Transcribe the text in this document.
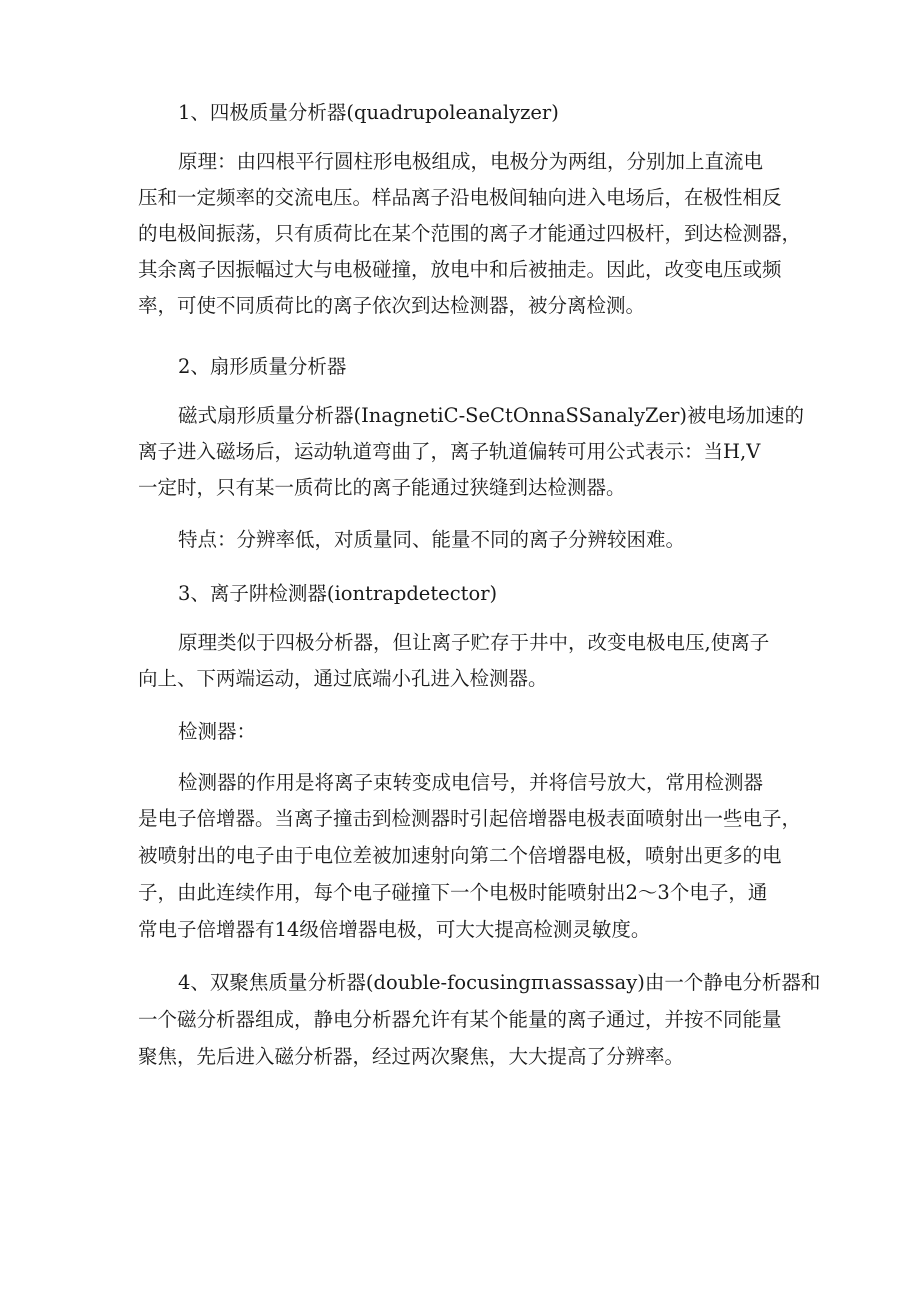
1、四极质量分析器(quadrupoleanalyzer)
原理：由四根平行圆柱形电极组成，电极分为两组，分别加上直流电
压和一定频率的交流电压。样品离子沿电极间轴向进入电场后，在极性相反
的电极间振荡，只有质荷比在某个范围的离子才能通过四极杆，到达检测器，
其余离子因振幅过大与电极碰撞，放电中和后被抽走。因此，改变电压或频
率，可使不同质荷比的离子依次到达检测器，被分离检测。
2、扇形质量分析器
磁式扇形质量分析器(InagnetiC-SeCtOnnaSSanalyZer)被电场加速的
离子进入磁场后，运动轨道弯曲了，离子轨道偏转可用公式表示：当H,V
一定时，只有某一质荷比的离子能通过狭缝到达检测器。
特点：分辨率低，对质量同、能量不同的离子分辨较困难。
3、离子阱检测器(iontrapdetector)
原理类似于四极分析器，但让离子贮存于井中，改变电极电压,使离子
向上、下两端运动，通过底端小孔进入检测器。
检测器：
检测器的作用是将离子束转变成电信号，并将信号放大，常用检测器
是电子倍增器。当离子撞击到检测器时引起倍增器电极表面喷射出一些电子，
被喷射出的电子由于电位差被加速射向第二个倍增器电极，喷射出更多的电
子，由此连续作用，每个电子碰撞下一个电极时能喷射出2〜3个电子，通
常电子倍增器有14级倍增器电极，可大大提高检测灵敏度。
4、双聚焦质量分析器(double-focusingπιassassay)由一个静电分析器和
一个磁分析器组成，静电分析器允许有某个能量的离子通过，并按不同能量
聚焦，先后进入磁分析器，经过两次聚焦，大大提高了分辨率。
